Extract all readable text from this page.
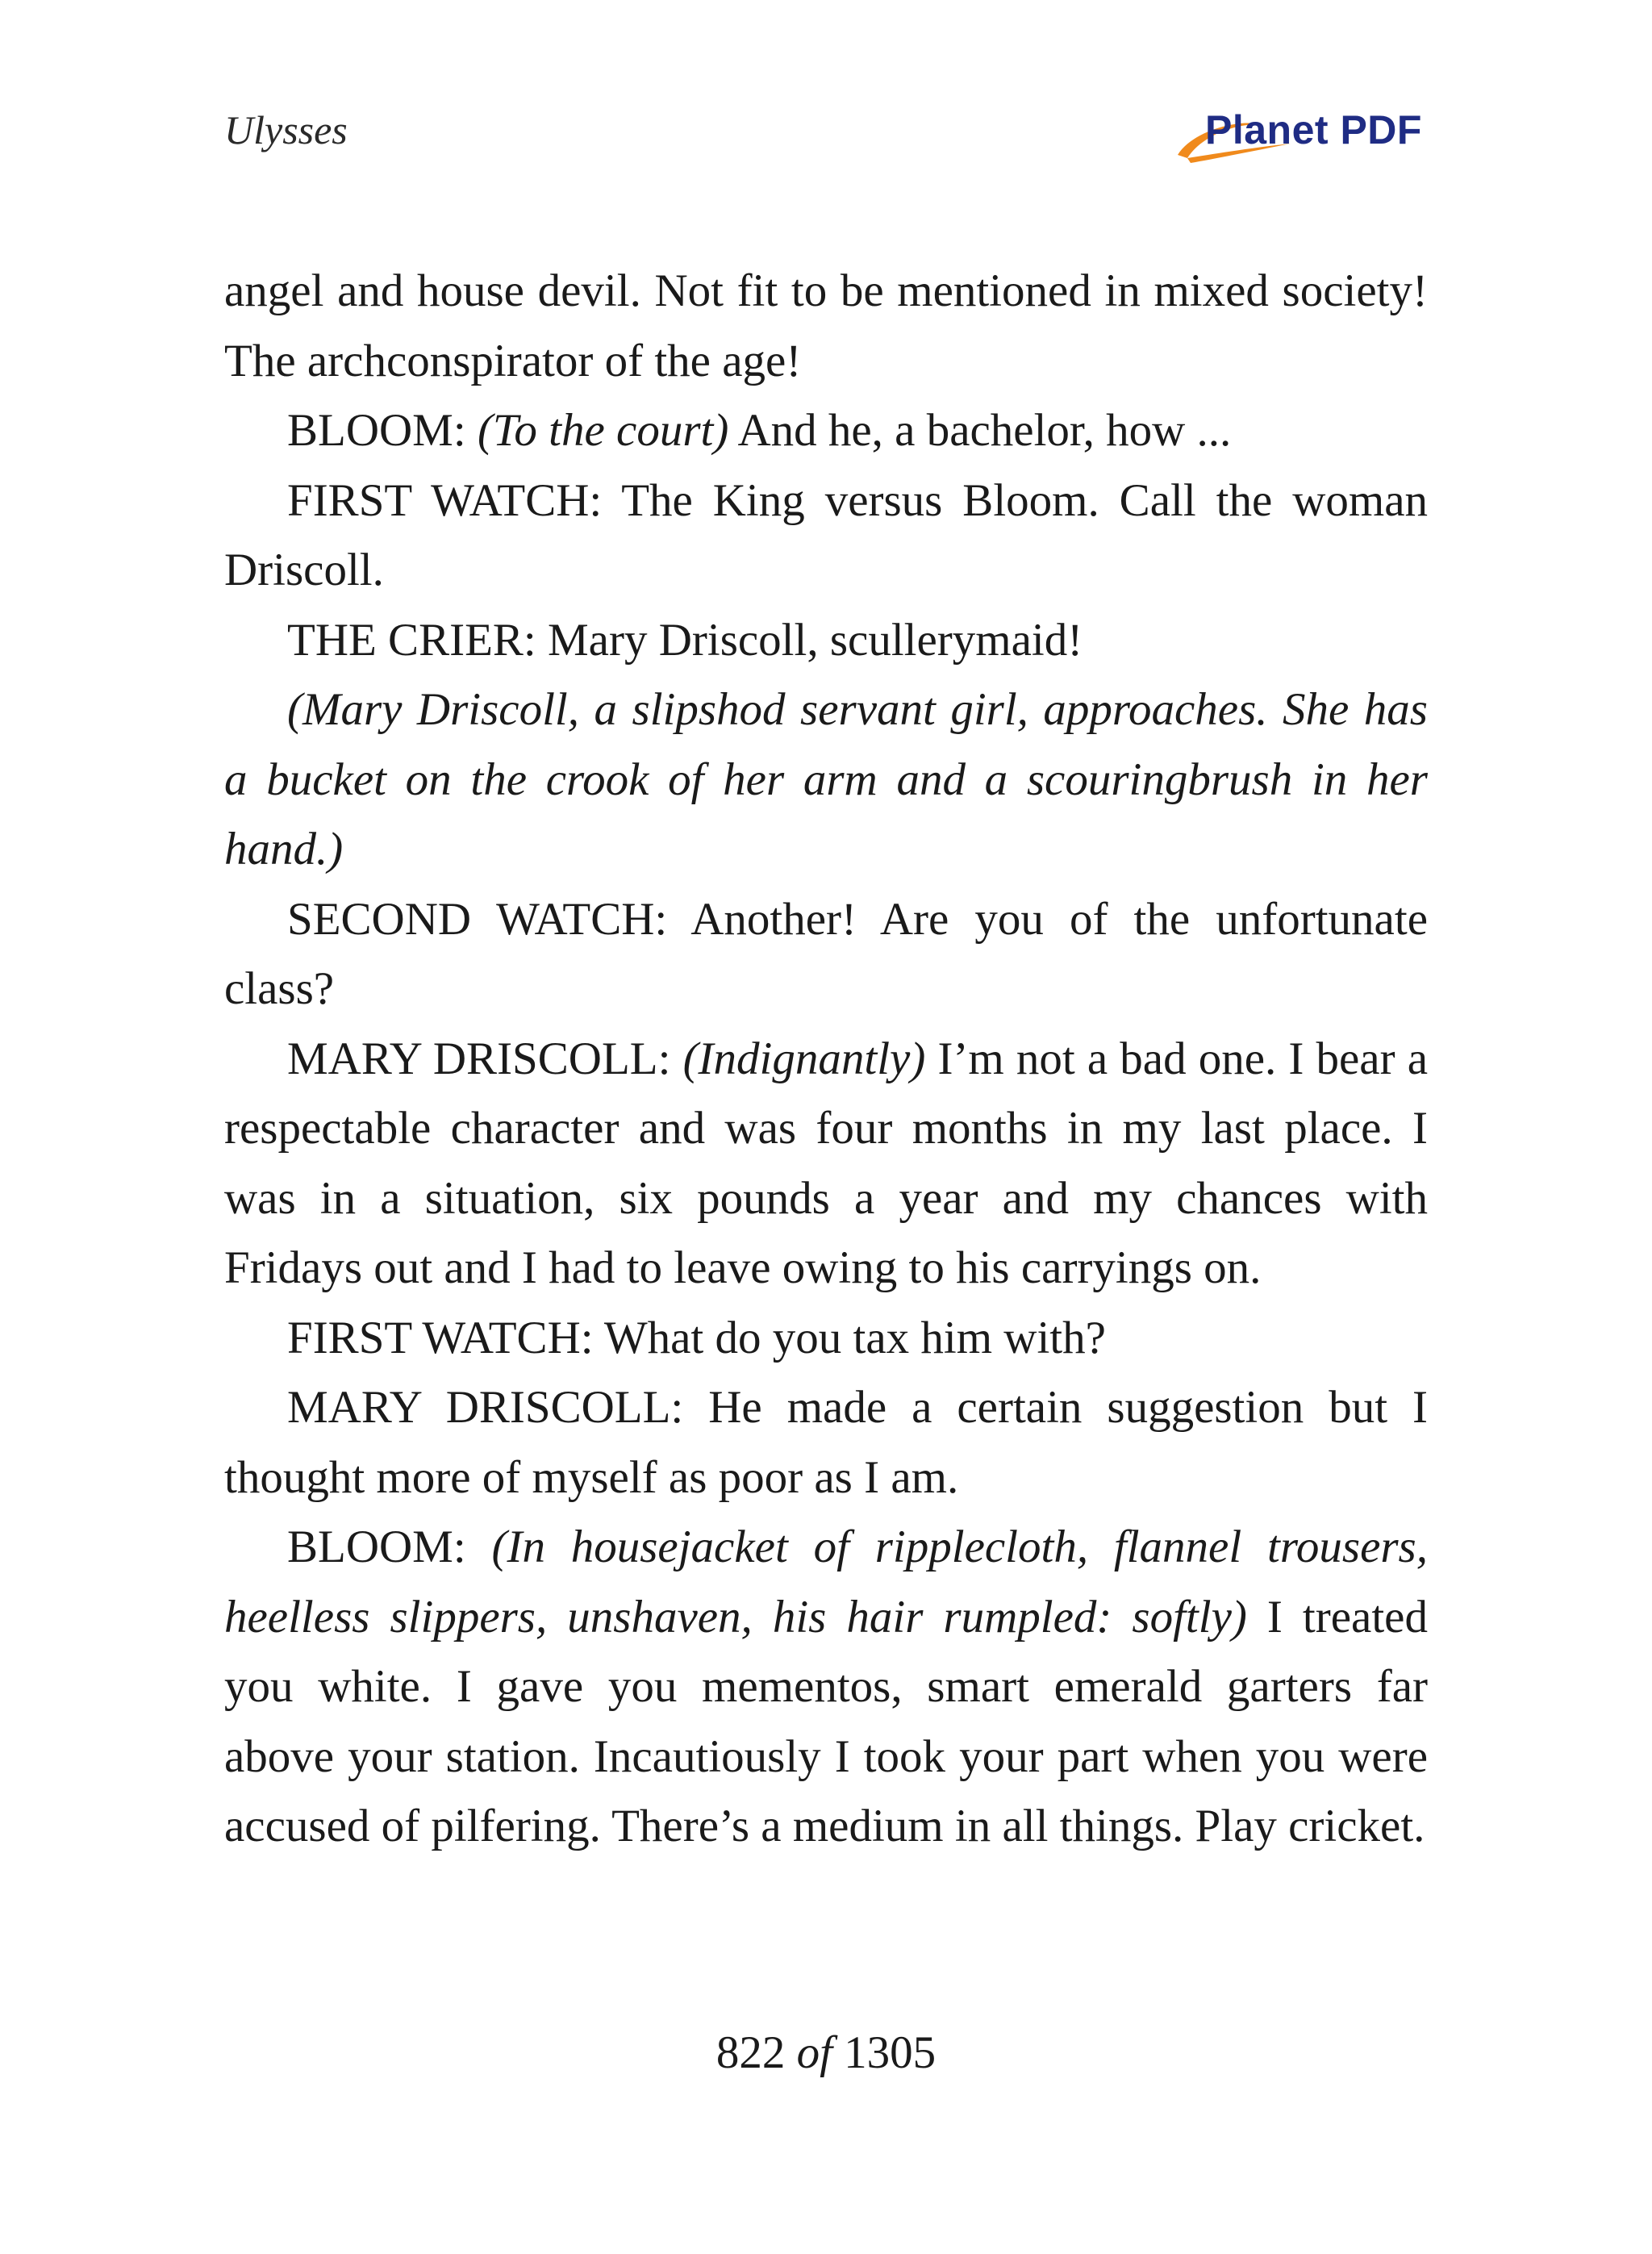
Ulysses	Planet PDF

angel and house devil. Not fit to be mentioned in mixed society! The archconspirator of the age!

BLOOM: (To the court) And he, a bachelor, how ...

FIRST WATCH: The King versus Bloom. Call the woman Driscoll.

THE CRIER: Mary Driscoll, scullerymaid!

(Mary Driscoll, a slipshod servant girl, approaches. She has a bucket on the crook of her arm and a scouringbrush in her hand.)

SECOND WATCH: Another! Are you of the unfortunate class?

MARY DRISCOLL: (Indignantly) I’m not a bad one. I bear a respectable character and was four months in my last place. I was in a situation, six pounds a year and my chances with Fridays out and I had to leave owing to his carryings on.

FIRST WATCH: What do you tax him with?

MARY DRISCOLL: He made a certain suggestion but I thought more of myself as poor as I am.

BLOOM: (In housejacket of ripplecloth, flannel trousers, heelless slippers, unshaven, his hair rumpled: softly) I treated you white. I gave you mementos, smart emerald garters far above your station. Incautiously I took your part when you were accused of pilfering. There’s a medium in all things. Play cricket.

822 of 1305
